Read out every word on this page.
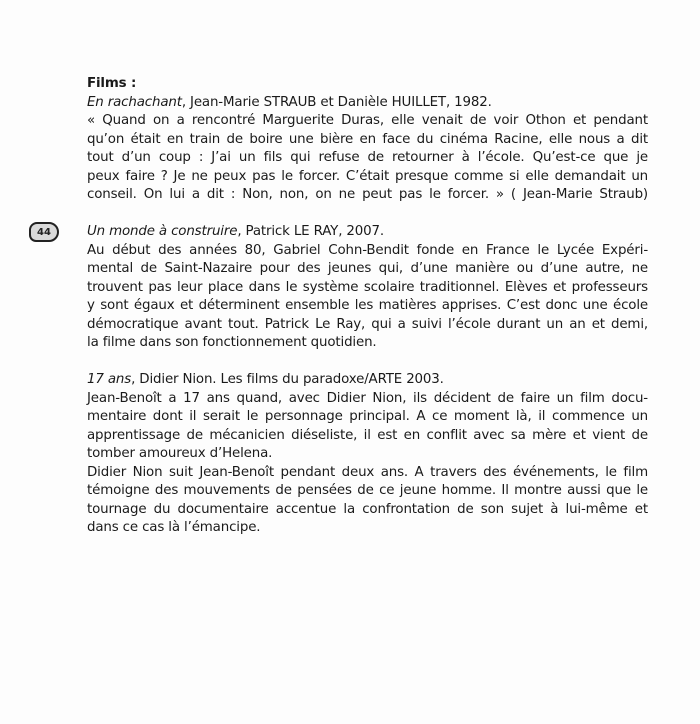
44
Films :
En rachachant, Jean-Marie STRAUB et Danièle HUILLET, 1982.
« Quand on a rencontré Marguerite Duras, elle venait de voir Othon et pendant
qu’on était en train de boire une bière en face du cinéma Racine, elle nous a dit
tout d’un coup : J’ai un fils qui refuse de retourner à l’école. Qu’est-ce que je
peux faire ? Je ne peux pas le forcer. C’était presque comme si elle demandait un
conseil. On lui a dit : Non, non, on ne peut pas le forcer. » ( Jean-Marie Straub)
Un monde à construire, Patrick LE RAY, 2007.
Au début des années 80, Gabriel Cohn-Bendit fonde en France le Lycée Expéri-
mental de Saint-Nazaire pour des jeunes qui, d’une manière ou d’une autre, ne
trouvent pas leur place dans le système scolaire traditionnel. Elèves et professeurs
y sont égaux et déterminent ensemble les matières apprises. C’est donc une école
démocratique avant tout. Patrick Le Ray, qui a suivi l’école durant un an et demi,
la filme dans son fonctionnement quotidien.
17 ans, Didier Nion. Les films du paradoxe/ARTE 2003.
Jean-Benoît a 17 ans quand, avec Didier Nion, ils décident de faire un film docu-
mentaire dont il serait le personnage principal. A ce moment là, il commence un
apprentissage de mécanicien diéseliste, il est en conflit avec sa mère et vient de
tomber amoureux d’Helena.
Didier Nion suit Jean-Benoît pendant deux ans. A travers des événements, le film
témoigne des mouvements de pensées de ce jeune homme. Il montre aussi que le
tournage du documentaire accentue la confrontation de son sujet à lui-même et
dans ce cas là l’émancipe.
